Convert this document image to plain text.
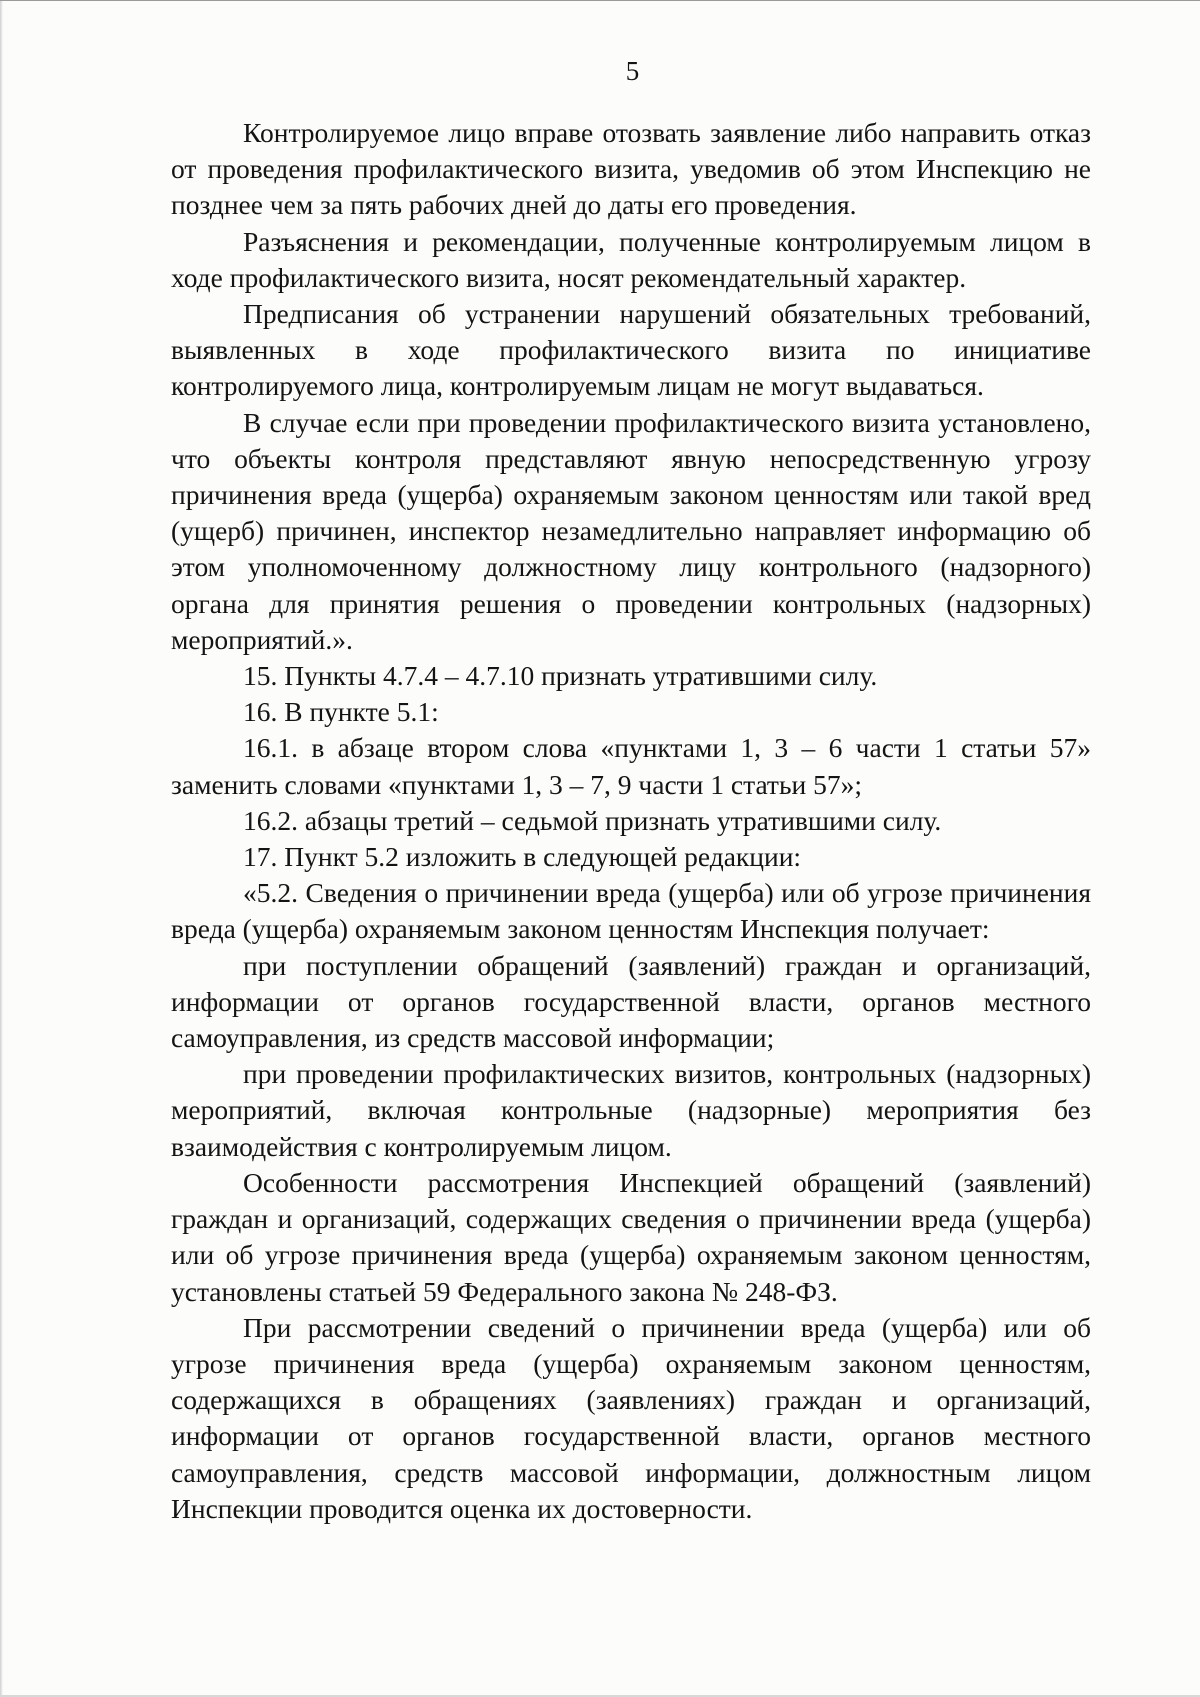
5

Контролируемое лицо вправе отозвать заявление либо направить отказ от проведения профилактического визита, уведомив об этом Инспекцию не позднее чем за пять рабочих дней до даты его проведения.

Разъяснения и рекомендации, полученные контролируемым лицом в ходе профилактического визита, носят рекомендательный характер.

Предписания об устранении нарушений обязательных требований, выявленных в ходе профилактического визита по инициативе контролируемого лица, контролируемым лицам не могут выдаваться.

В случае если при проведении профилактического визита установлено, что объекты контроля представляют явную непосредственную угрозу причинения вреда (ущерба) охраняемым законом ценностям или такой вред (ущерб) причинен, инспектор незамедлительно направляет информацию об этом уполномоченному должностному лицу контрольного (надзорного) органа для принятия решения о проведении контрольных (надзорных) мероприятий.».

15. Пункты 4.7.4 – 4.7.10 признать утратившими силу.

16. В пункте 5.1:

16.1. в абзаце втором слова «пунктами 1, 3 – 6 части 1 статьи 57» заменить словами «пунктами 1, 3 – 7, 9 части 1 статьи 57»;

16.2. абзацы третий – седьмой признать утратившими силу.

17. Пункт 5.2 изложить в следующей редакции:

«5.2. Сведения о причинении вреда (ущерба) или об угрозе причинения вреда (ущерба) охраняемым законом ценностям Инспекция получает:

при поступлении обращений (заявлений) граждан и организаций, информации от органов государственной власти, органов местного самоуправления, из средств массовой информации;

при проведении профилактических визитов, контрольных (надзорных) мероприятий, включая контрольные (надзорные) мероприятия без взаимодействия с контролируемым лицом.

Особенности рассмотрения Инспекцией обращений (заявлений) граждан и организаций, содержащих сведения о причинении вреда (ущерба) или об угрозе причинения вреда (ущерба) охраняемым законом ценностям, установлены статьей 59 Федерального закона № 248-ФЗ.

При рассмотрении сведений о причинении вреда (ущерба) или об угрозе причинения вреда (ущерба) охраняемым законом ценностям, содержащихся в обращениях (заявлениях) граждан и организаций, информации от органов государственной власти, органов местного самоуправления, средств массовой информации, должностным лицом Инспекции проводится оценка их достоверности.
